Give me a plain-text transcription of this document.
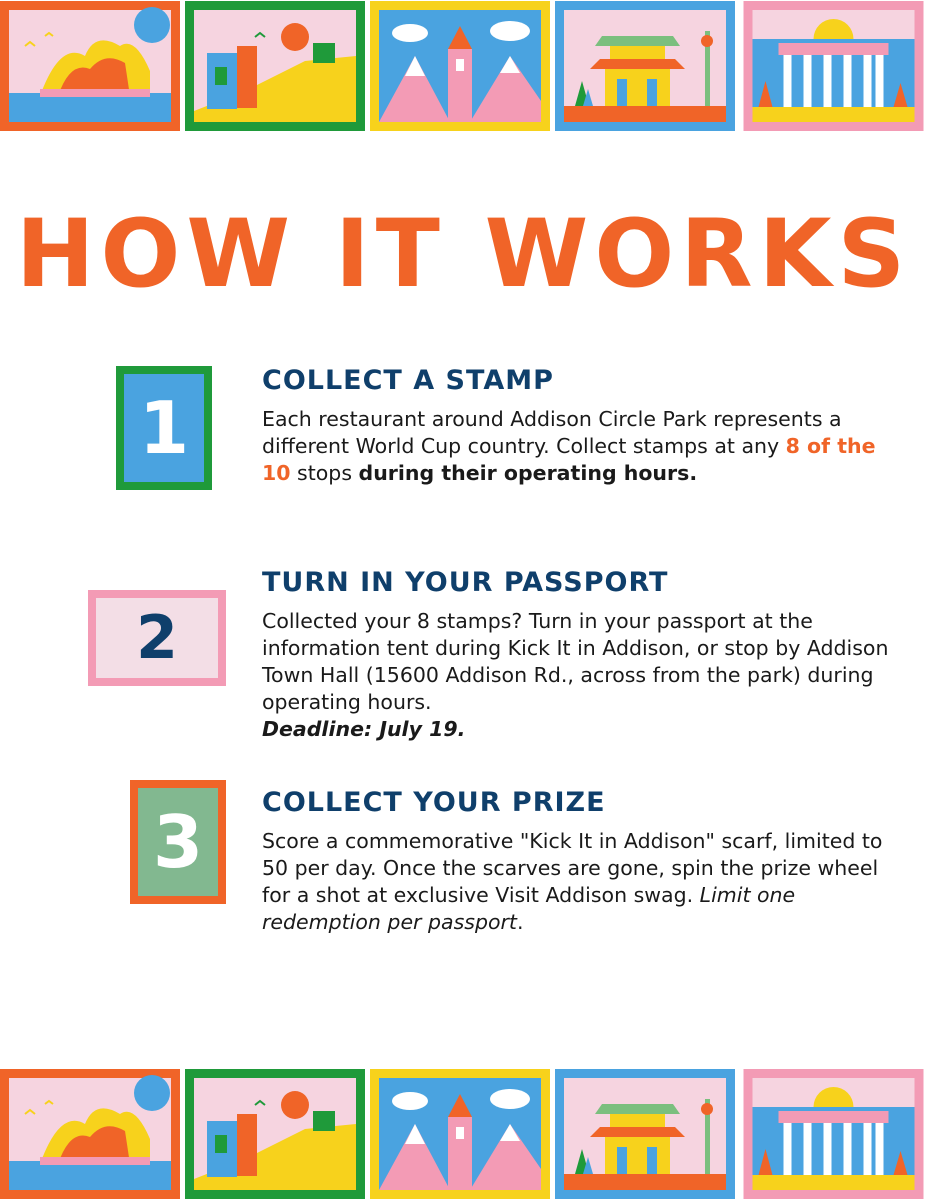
HOW IT WORKS
1
COLLECT A STAMP

Each restaurant around Addison Circle Park represents a different World Cup country. Collect stamps at any 8 of the 10 stops during their operating hours.

2
TURN IN YOUR PASSPORT

Collected your 8 stamps? Turn in your passport at the information tent during Kick It in Addison, or stop by Addison Town Hall (15600 Addison Rd., across from the park) during operating hours.
Deadline: July 19.

3	COLLECT YOUR PRIZE

Score a commemorative "Kick It in Addison" scarf, limited to 50 per day. Once the scarves are gone, spin the prize wheel for a shot at exclusive Visit Addison swag. Limit one redemption per passport.
